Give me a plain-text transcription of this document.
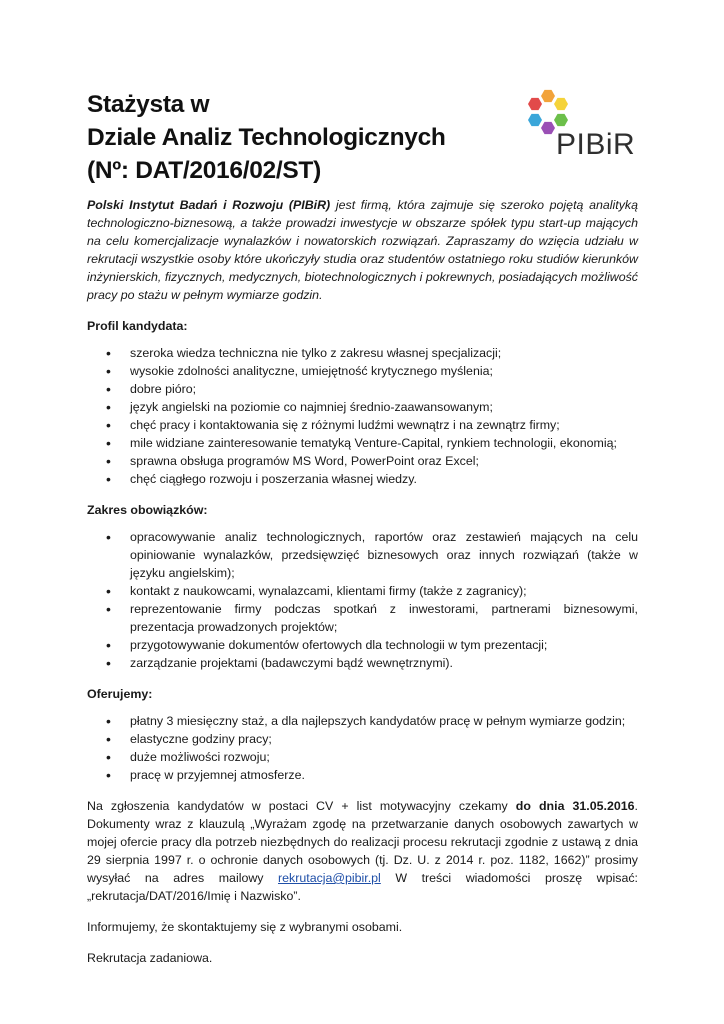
Stażysta w
Dziale Analiz Technologicznych
(Nº: DAT/2016/02/ST)
PIBiR

Polski Instytut Badań i Rozwoju (PIBiR) jest firmą, która zajmuje się szeroko pojętą analityką technologiczno-biznesową, a także prowadzi inwestycje w obszarze spółek typu start-up mających na celu komercjalizacje wynalazków i nowatorskich rozwiązań. Zapraszamy do wzięcia udziału w rekrutacji wszystkie osoby które ukończyły studia oraz studentów ostatniego roku studiów kierunków inżynierskich, fizycznych, medycznych, biotechnologicznych i pokrewnych, posiadających możliwość pracy po stażu w pełnym wymiarze godzin.

Profil kandydata:
• szeroka wiedza techniczna nie tylko z zakresu własnej specjalizacji;
• wysokie zdolności analityczne, umiejętność krytycznego myślenia;
• dobre pióro;
• język angielski na poziomie co najmniej średnio-zaawansowanym;
• chęć pracy i kontaktowania się z różnymi ludźmi wewnątrz i na zewnątrz firmy;
• mile widziane zainteresowanie tematyką Venture-Capital, rynkiem technologii, ekonomią;
• sprawna obsługa programów MS Word, PowerPoint oraz Excel;
• chęć ciągłego rozwoju i poszerzania własnej wiedzy.
Zakres obowiązków:
• opracowywanie analiz technologicznych, raportów oraz zestawień mających na celu opiniowanie wynalazków, przedsięwzięć biznesowych oraz innych rozwiązań (także w języku angielskim);
• kontakt z naukowcami, wynalazcami, klientami firmy (także z zagranicy);
• reprezentowanie firmy podczas spotkań z inwestorami, partnerami biznesowymi, prezentacja prowadzonych projektów;
• przygotowywanie dokumentów ofertowych dla technologii w tym prezentacji;
• zarządzanie projektami (badawczymi bądź wewnętrznymi).
Oferujemy:
• płatny 3 miesięczny staż, a dla najlepszych kandydatów pracę w pełnym wymiarze godzin;
• elastyczne godziny pracy;
• duże możliwości rozwoju;
• pracę w przyjemnej atmosferze.

Na zgłoszenia kandydatów w postaci CV + list motywacyjny czekamy do dnia 31.05.2016. Dokumenty wraz z klauzulą „Wyrażam zgodę na przetwarzanie danych osobowych zawartych w mojej ofercie pracy dla potrzeb niezbędnych do realizacji procesu rekrutacji zgodnie z ustawą z dnia 29 sierpnia 1997 r. o ochronie danych osobowych (tj. Dz. U. z 2014 r. poz. 1182, 1662)” prosimy wysyłać na adres mailowy rekrutacja@pibir.pl W treści wiadomości proszę wpisać: „rekrutacja/DAT/2016/Imię i Nazwisko”.

Informujemy, że skontaktujemy się z wybranymi osobami.

Rekrutacja zadaniowa.
